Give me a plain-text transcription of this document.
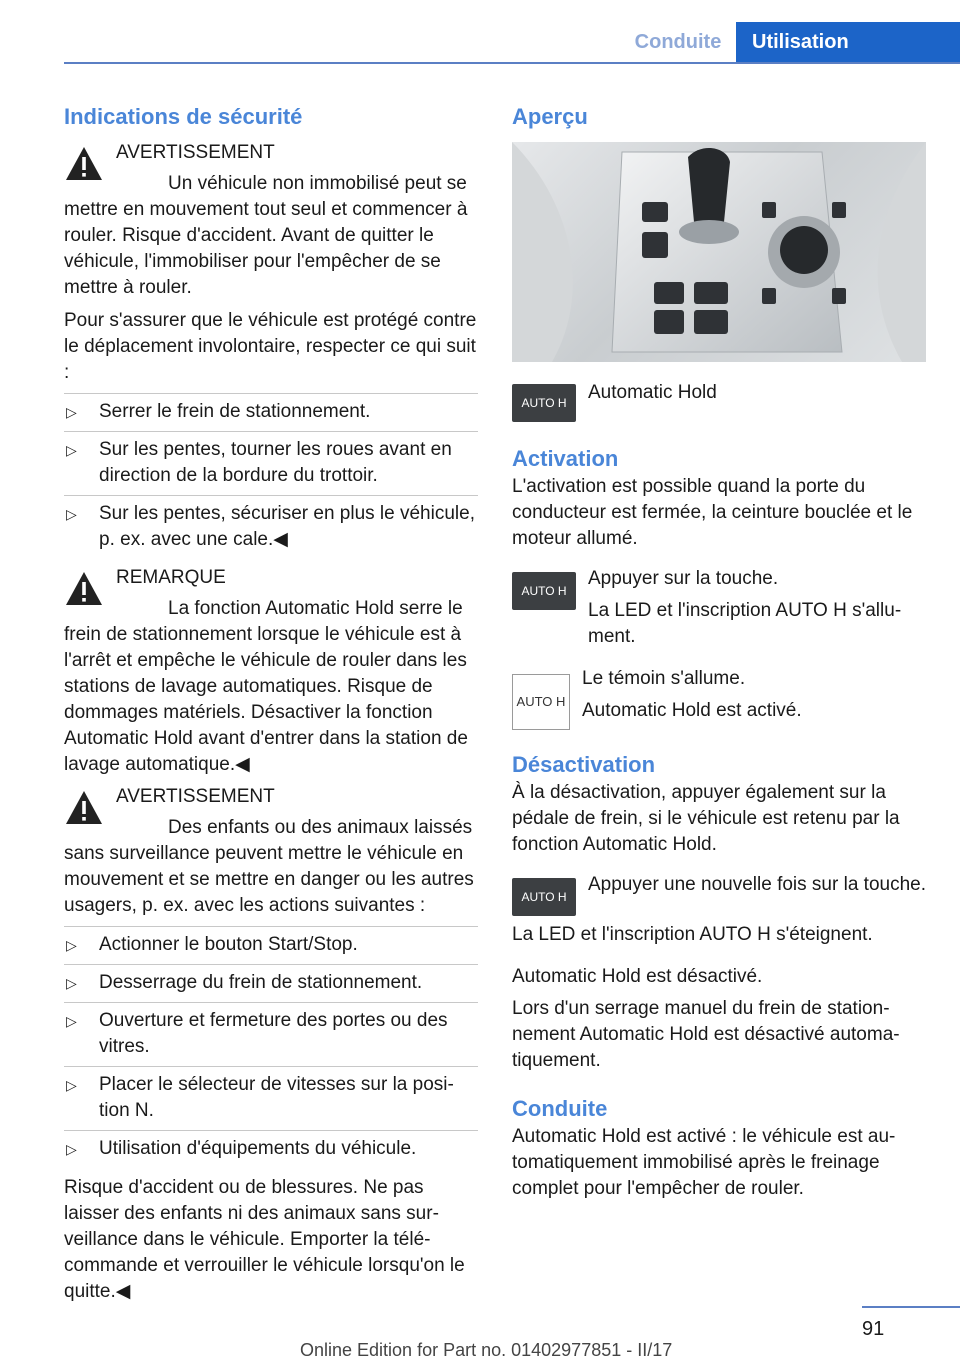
Conduite	Utilisation
Indications de sécurité
AVERTISSEMENT

Un véhicule non immobilisé peut se mettre en mouvement tout seul et commencer à rouler. Risque d'accident. Avant de quitter le véhicule, l'immobiliser pour l'empêcher de se mettre à rouler.

Pour s'assurer que le véhicule est protégé contre le déplacement involontaire, respecter ce qui suit :

▷ Serrer le frein de stationnement.
▷ Sur les pentes, tourner les roues avant en direction de la bordure du trottoir.
▷ Sur les pentes, sécuriser en plus le véhicule, p. ex. avec une cale.◀
REMARQUE

La fonction Automatic Hold serre le frein de stationnement lorsque le véhicule est à l'arrêt et empêche le véhicule de rouler dans les stations de lavage automatiques. Risque de dommages matériels. Désactiver la fonction Automatic Hold avant d'entrer dans la station de lavage automatique.◀

AVERTISSEMENT

Des enfants ou des animaux laissés sans surveillance peuvent mettre le véhicule en mouvement et se mettre en danger ou les autres usagers, p. ex. avec les actions suivantes :

▷ Actionner le bouton Start/Stop.
▷ Desserrage du frein de stationnement.
▷ Ouverture et fermeture des portes ou des vitres.
▷ Placer le sélecteur de vitesses sur la position N.
▷ Utilisation d'équipements du véhicule.

Risque d'accident ou de blessures. Ne pas laisser des enfants ni des animaux sans surveillance dans le véhicule. Emporter la télécommande et verrouiller le véhicule lorsqu'on le quitte.◀

Aperçu
AUTO H	Automatic Hold

Activation

L'activation est possible quand la porte du conducteur est fermée, la ceinture bouclée et le moteur allumé.

AUTO H

Appuyer sur la touche.

La LED et l'inscription AUTO H s'allument.

AUTO H

Le témoin s'allume.

Automatic Hold est activé.

Désactivation

À la désactivation, appuyer également sur la pédale de frein, si le véhicule est retenu par la fonction Automatic Hold.

AUTO H

Appuyer une nouvelle fois sur la touche.

La LED et l'inscription AUTO H s'éteignent.

Automatic Hold est désactivé.

Lors d'un serrage manuel du frein de stationnement Automatic Hold est désactivé automatiquement.

Conduite

Automatic Hold est activé : le véhicule est automatiquement immobilisé après le freinage complet pour l'empêcher de rouler.

91
Online Edition for Part no. 01402977851 - II/17
